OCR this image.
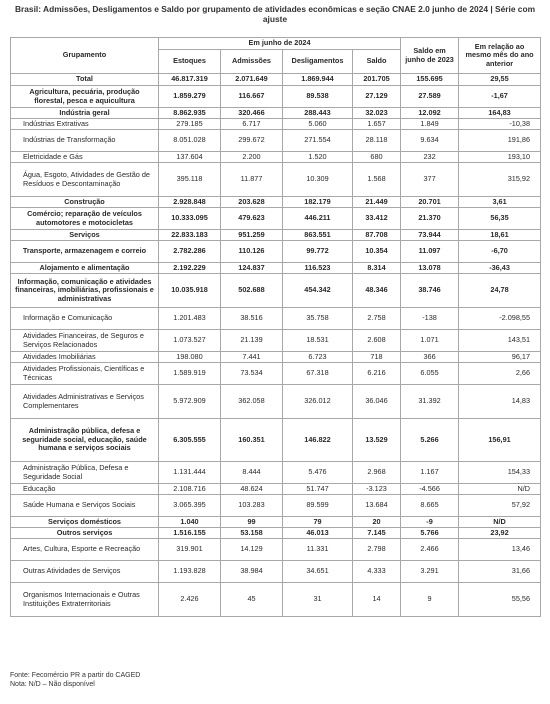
Brasil: Admissões, Desligamentos e Saldo por grupamento de atividades econômicas e seção CNAE 2.0 junho de 2024 | Série com ajuste
Grupamento	Em junho de 2024				Saldo em junho de 2023	Em relação ao mesmo mês do ano anterior
	Estoques	Admissões	Desligamentos	Saldo		
Total	46.817.319	2.071.649	1.869.944	201.705	155.695	29,55
Agricultura, pecuária, produção florestal, pesca e aquicultura	1.859.279	116.667	89.538	27.129	27.589	-1,67
Indústria geral	8.862.935	320.466	288.443	32.023	12.092	164,83
Indústrias Extrativas	279.185	6.717	5.060	1.657	1.849	-10,38
Indústrias de Transformação	8.051.028	299.672	271.554	28.118	9.634	191,86
Eletricidade e Gás	137.604	2.200	1.520	680	232	193,10
Água, Esgoto, Atividades de Gestão de Resíduos e Descontaminação	395.118	11.877	10.309	1.568	377	315,92
Construção	2.928.848	203.628	182.179	21.449	20.701	3,61
Comércio; reparação de veículos automotores e motocicletas	10.333.095	479.623	446.211	33.412	21.370	56,35
Serviços	22.833.183	951.259	863.551	87.708	73.944	18,61
Transporte, armazenagem e correio	2.782.286	110.126	99.772	10.354	11.097	-6,70
Alojamento e alimentação	2.192.229	124.837	116.523	8.314	13.078	-36,43
Informação, comunicação e atividades financeiras, imobiliárias, profissionais e administrativas	10.035.918	502.688	454.342	48.346	38.746	24,78
Informação e Comunicação	1.201.483	38.516	35.758	2.758	-138	-2.098,55
Atividades Financeiras, de Seguros e Serviços Relacionados	1.073.527	21.139	18.531	2.608	1.071	143,51
Atividades Imobiliárias	198.080	7.441	6.723	718	366	96,17
Atividades Profissionais, Científicas e Técnicas	1.589.919	73.534	67.318	6.216	6.055	2,66
Atividades Administrativas e Serviços Complementares	5.972.909	362.058	326.012	36.046	31.392	14,83
Administração pública, defesa e seguridade social, educação, saúde humana e serviços sociais	6.305.555	160.351	146.822	13.529	5.266	156,91
Administração Pública, Defesa e Seguridade Social	1.131.444	8.444	5.476	2.968	1.167	154,33
Educação	2.108.716	48.624	51.747	-3.123	-4.566	N/D
Saúde Humana e Serviços Sociais	3.065.395	103.283	89.599	13.684	8.665	57,92
Serviços domésticos	1.040	99	79	20	-9	N/D
Outros serviços	1.516.155	53.158	46.013	7.145	5.766	23,92
Artes, Cultura, Esporte e Recreação	319.901	14.129	11.331	2.798	2.466	13,46
Outras Atividades de Serviços	1.193.828	38.984	34.651	4.333	3.291	31,66
Organismos Internacionais e Outras Instituições Extraterritoriais	2.426	45	31	14	9	55,56
Fonte: Fecomércio PR a partir do CAGED
Nota: N/D – Não disponível
